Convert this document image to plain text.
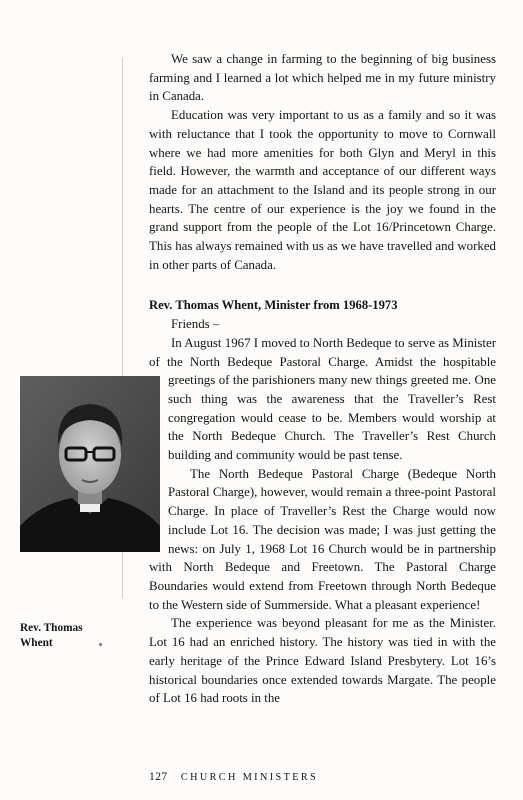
We saw a change in farming to the beginning of big business farming and I learned a lot which helped me in my future ministry in Canada.

Education was very important to us as a family and so it was with reluctance that I took the opportunity to move to Cornwall where we had more amenities for both Glyn and Meryl in this field. However, the warmth and acceptance of our different ways made for an attachment to the Island and its people strong in our hearts. The centre of our experience is the joy we found in the grand support from the people of the Lot 16/Princetown Charge. This has always remained with us as we have travelled and worked in other parts of Canada.

Rev. Thomas Whent, Minister from 1968-1973

Friends –

In August 1967 I moved to North Bedeque to serve as Minister of the North Bedeque Pastoral Charge. Amidst the hospitable greetings of the parishioners many new things
greeted me. One such thing was the awareness that the Traveller’s Rest congregation would cease to be. Members would worship at the North Bedeque Church. The Traveller’s Rest Church building and community would be past tense.

The North Bedeque Pastoral Charge (Bedeque North Pastoral Charge), however, would remain a three-point Pastoral Charge. In place of Traveller’s Rest the Charge would now include Lot 16. The decision was made; I was just getting the news: on July 1, 1968 Lot 16 Church would be in partnership with North Bedeque and Freetown. The Pastoral Charge Boundaries would extend from Freetown through North Bedeque to the Western side of Summerside. What a pleasant experience!

The experience was beyond pleasant for me as the Minister. Lot 16 had an enriched history. The history was tied in with the early heritage of the Prince Edward Island Presbytery. Lot 16’s historical boundaries once extended towards Margate. The people of Lot 16 had roots in the

Rev. Thomas Whent
127 CHURCH MINISTERS
